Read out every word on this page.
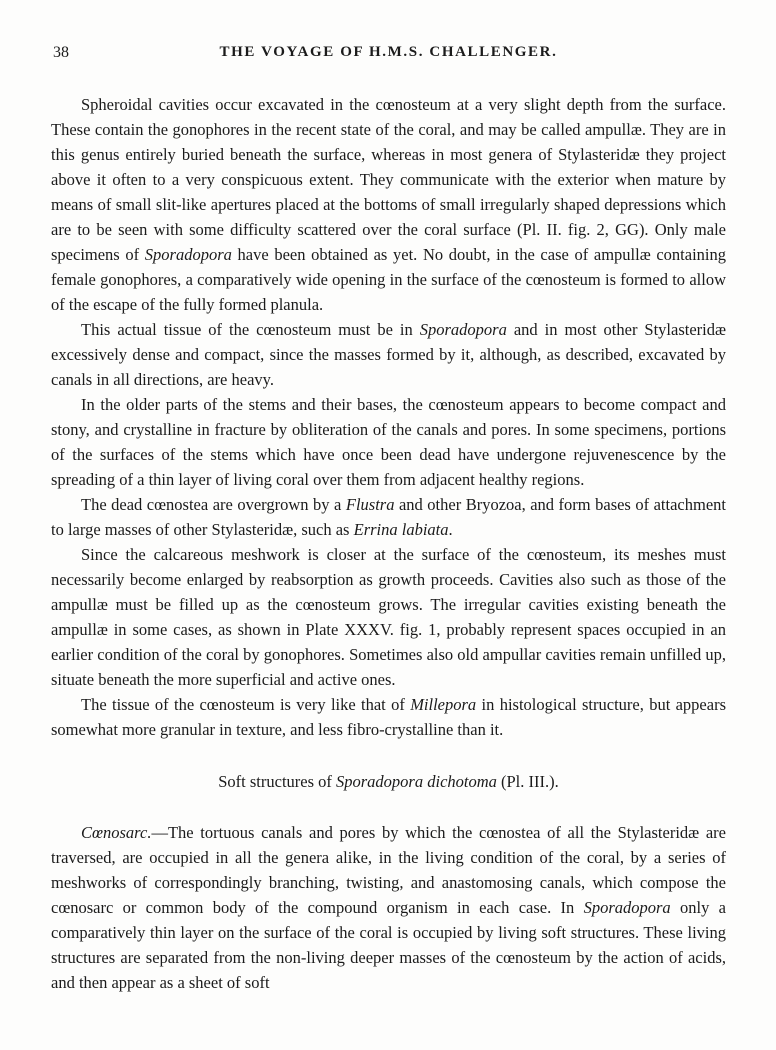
38	THE VOYAGE OF H.M.S. CHALLENGER.

Spheroidal cavities occur excavated in the cœnosteum at a very slight depth from the surface. These contain the gonophores in the recent state of the coral, and may be called ampullæ. They are in this genus entirely buried beneath the surface, whereas in most genera of Stylasteridæ they project above it often to a very conspicuous extent. They communicate with the exterior when mature by means of small slit-like apertures placed at the bottoms of small irregularly shaped depressions which are to be seen with some difficulty scattered over the coral surface (Pl. II. fig. 2, GG). Only male specimens of Sporadopora have been obtained as yet. No doubt, in the case of ampullæ containing female gonophores, a comparatively wide opening in the surface of the cœnosteum is formed to allow of the escape of the fully formed planula.

This actual tissue of the cœnosteum must be in Sporadopora and in most other Stylasteridæ excessively dense and compact, since the masses formed by it, although, as described, excavated by canals in all directions, are heavy.

In the older parts of the stems and their bases, the cœnosteum appears to become compact and stony, and crystalline in fracture by obliteration of the canals and pores. In some specimens, portions of the surfaces of the stems which have once been dead have undergone rejuvenescence by the spreading of a thin layer of living coral over them from adjacent healthy regions.

The dead cœnostea are overgrown by a Flustra and other Bryozoa, and form bases of attachment to large masses of other Stylasteridæ, such as Errina labiata.

Since the calcareous meshwork is closer at the surface of the cœnosteum, its meshes must necessarily become enlarged by reabsorption as growth proceeds. Cavities also such as those of the ampullæ must be filled up as the cœnosteum grows. The irregular cavities existing beneath the ampullæ in some cases, as shown in Plate XXXV. fig. 1, probably represent spaces occupied in an earlier condition of the coral by gonophores. Sometimes also old ampullar cavities remain unfilled up, situate beneath the more superficial and active ones.

The tissue of the cœnosteum is very like that of Millepora in histological structure, but appears somewhat more granular in texture, and less fibro-crystalline than it.

Soft structures of Sporadopora dichotoma (Pl. III.).

Cœnosarc.—The tortuous canals and pores by which the cœnostea of all the Stylasteridæ are traversed, are occupied in all the genera alike, in the living condition of the coral, by a series of meshworks of correspondingly branching, twisting, and anastomosing canals, which compose the cœnosarc or common body of the compound organism in each case. In Sporadopora only a comparatively thin layer on the surface of the coral is occupied by living soft structures. These living structures are separated from the non-living deeper masses of the cœnosteum by the action of acids, and then appear as a sheet of soft
